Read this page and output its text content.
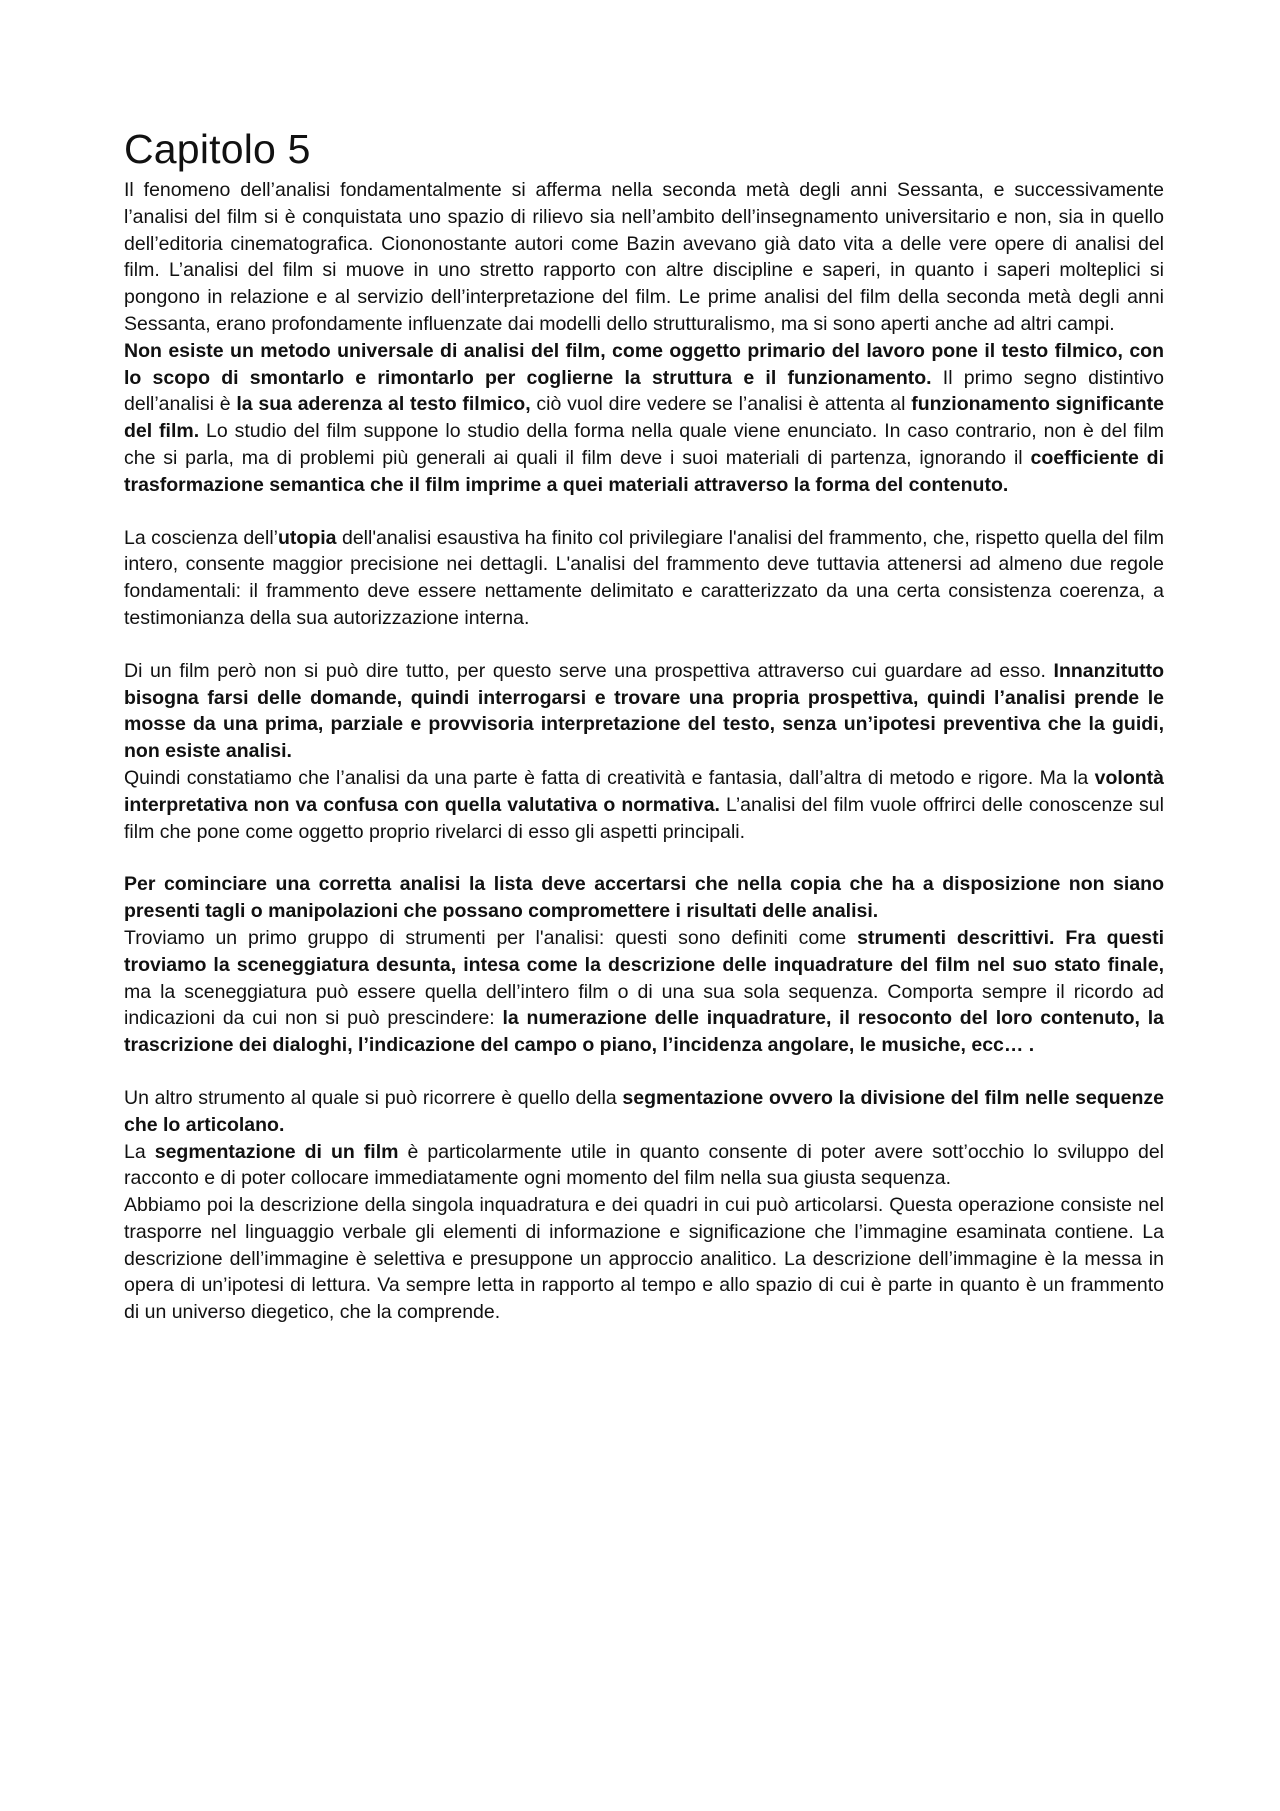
Capitolo 5

Il fenomeno dell’analisi fondamentalmente si afferma nella seconda metà degli anni Sessanta, e successivamente l’analisi del film si è conquistata uno spazio di rilievo sia nell’ambito dell’insegnamento universitario e non, sia in quello dell’editoria cinematografica. Ciononostante autori come Bazin avevano già dato vita a delle vere opere di analisi del film. L’analisi del film si muove in uno stretto rapporto con altre discipline e saperi, in quanto i saperi molteplici si pongono in relazione e al servizio dell’interpretazione del film. Le prime analisi del film della seconda metà degli anni Sessanta, erano profondamente influenzate dai modelli dello strutturalismo, ma si sono aperti anche ad altri campi.

Non esiste un metodo universale di analisi del film, come oggetto primario del lavoro pone il testo filmico, con lo scopo di smontarlo e rimontarlo per coglierne la struttura e il funzionamento. Il primo segno distintivo dell’analisi è la sua aderenza al testo filmico, ciò vuol dire vedere se l’analisi è attenta al funzionamento significante del film. Lo studio del film suppone lo studio della forma nella quale viene enunciato. In caso contrario, non è del film che si parla, ma di problemi più generali ai quali il film deve i suoi materiali di partenza, ignorando il coefficiente di trasformazione semantica che il film imprime a quei materiali attraverso la forma del contenuto.

La coscienza dell’utopia dell'analisi esaustiva ha finito col privilegiare l'analisi del frammento, che, rispetto quella del film intero, consente maggior precisione nei dettagli. L'analisi del frammento deve tuttavia attenersi ad almeno due regole fondamentali: il frammento deve essere nettamente delimitato e caratterizzato da una certa consistenza coerenza, a testimonianza della sua autorizzazione interna.

Di un film però non si può dire tutto, per questo serve una prospettiva attraverso cui guardare ad esso. Innanzitutto bisogna farsi delle domande, quindi interrogarsi e trovare una propria prospettiva, quindi l’analisi prende le mosse da una prima, parziale e provvisoria interpretazione del testo, senza un’ipotesi preventiva che la guidi, non esiste analisi.

Quindi constatiamo che l’analisi da una parte è fatta di creatività e fantasia, dall’altra di metodo e rigore. Ma la volontà interpretativa non va confusa con quella valutativa o normativa. L’analisi del film vuole offrirci delle conoscenze sul film che pone come oggetto proprio rivelarci di esso gli aspetti principali.

Per cominciare una corretta analisi la lista deve accertarsi che nella copia che ha a disposizione non siano presenti tagli o manipolazioni che possano compromettere i risultati delle analisi.

Troviamo un primo gruppo di strumenti per l'analisi: questi sono definiti come strumenti descrittivi. Fra questi troviamo la sceneggiatura desunta, intesa come la descrizione delle inquadrature del film nel suo stato finale, ma la sceneggiatura può essere quella dell’intero film o di una sua sola sequenza. Comporta sempre il ricordo ad indicazioni da cui non si può prescindere: la numerazione delle inquadrature, il resoconto del loro contenuto, la trascrizione dei dialoghi, l’indicazione del campo o piano, l’incidenza angolare, le musiche, ecc… .

Un altro strumento al quale si può ricorrere è quello della segmentazione ovvero la divisione del film nelle sequenze che lo articolano.

La segmentazione di un film è particolarmente utile in quanto consente di poter avere sott’occhio lo sviluppo del racconto e di poter collocare immediatamente ogni momento del film nella sua giusta sequenza.

Abbiamo poi la descrizione della singola inquadratura e dei quadri in cui può articolarsi. Questa operazione consiste nel trasporre nel linguaggio verbale gli elementi di informazione e significazione che l’immagine esaminata contiene. La descrizione dell’immagine è selettiva e presuppone un approccio analitico. La descrizione dell’immagine è la messa in opera di un’ipotesi di lettura. Va sempre letta in rapporto al tempo e allo spazio di cui è parte in quanto è un frammento di un universo diegetico, che la comprende.
